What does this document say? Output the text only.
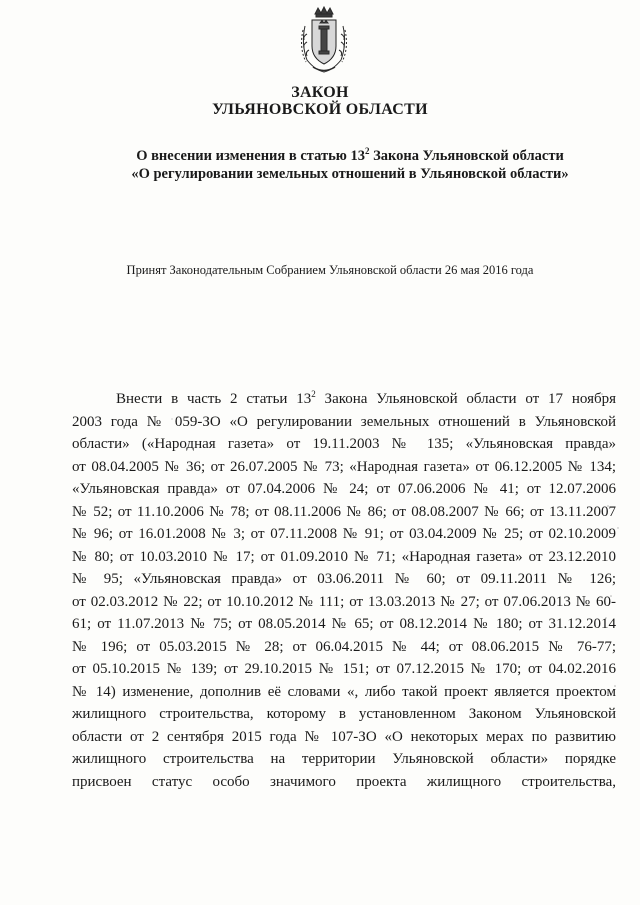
ЗАКОН
УЛЬЯНОВСКОЙ ОБЛАСТИ
О внесении изменения в статью $13^2$ Закона Ульяновской области
«О регулировании земельных отношений в Ульяновской области»
Принят Законодательным Собранием Ульяновской области 26 мая 2016 года
Внести в часть 2 статьи $13^2$ Закона Ульяновской области от 17 ноября
2003 года № 059-ЗО «О регулировании земельных отношений в Ульяновской
области» («Народная газета» от 19.11.2003 № 135; «Ульяновская правда»
от 08.04.2005 № 36; от 26.07.2005 № 73; «Народная газета» от 06.12.2005 № 134;
«Ульяновская правда» от 07.04.2006 № 24; от 07.06.2006 № 41; от 12.07.2006
№ 52; от 11.10.2006 № 78; от 08.11.2006 № 86; от 08.08.2007 № 66; от 13.11.2007
№ 96; от 16.01.2008 № 3; от 07.11.2008 № 91; от 03.04.2009 № 25; от 02.10.2009
№ 80; от 10.03.2010 № 17; от 01.09.2010 № 71; «Народная газета» от 23.12.2010
№ 95; «Ульяновская правда» от 03.06.2011 № 60; от 09.11.2011 № 126;
от 02.03.2012 № 22; от 10.10.2012 № 111; от 13.03.2013 № 27; от 07.06.2013 № 60-
61; от 11.07.2013 № 75; от 08.05.2014 № 65; от 08.12.2014 № 180; от 31.12.2014
№ 196; от 05.03.2015 № 28; от 06.04.2015 № 44; от 08.06.2015 № 76-77;
от 05.10.2015 № 139; от 29.10.2015 № 151; от 07.12.2015 № 170; от 04.02.2016
№ 14) изменение, дополнив её словами «, либо такой проект является проектом
жилищного строительства, которому в установленном Законом Ульяновской
области от 2 сентября 2015 года № 107-ЗО «О некоторых мерах по развитию
жилищного строительства на территории Ульяновской области» порядке
присвоен статус особо значимого проекта жилищного строительства,
